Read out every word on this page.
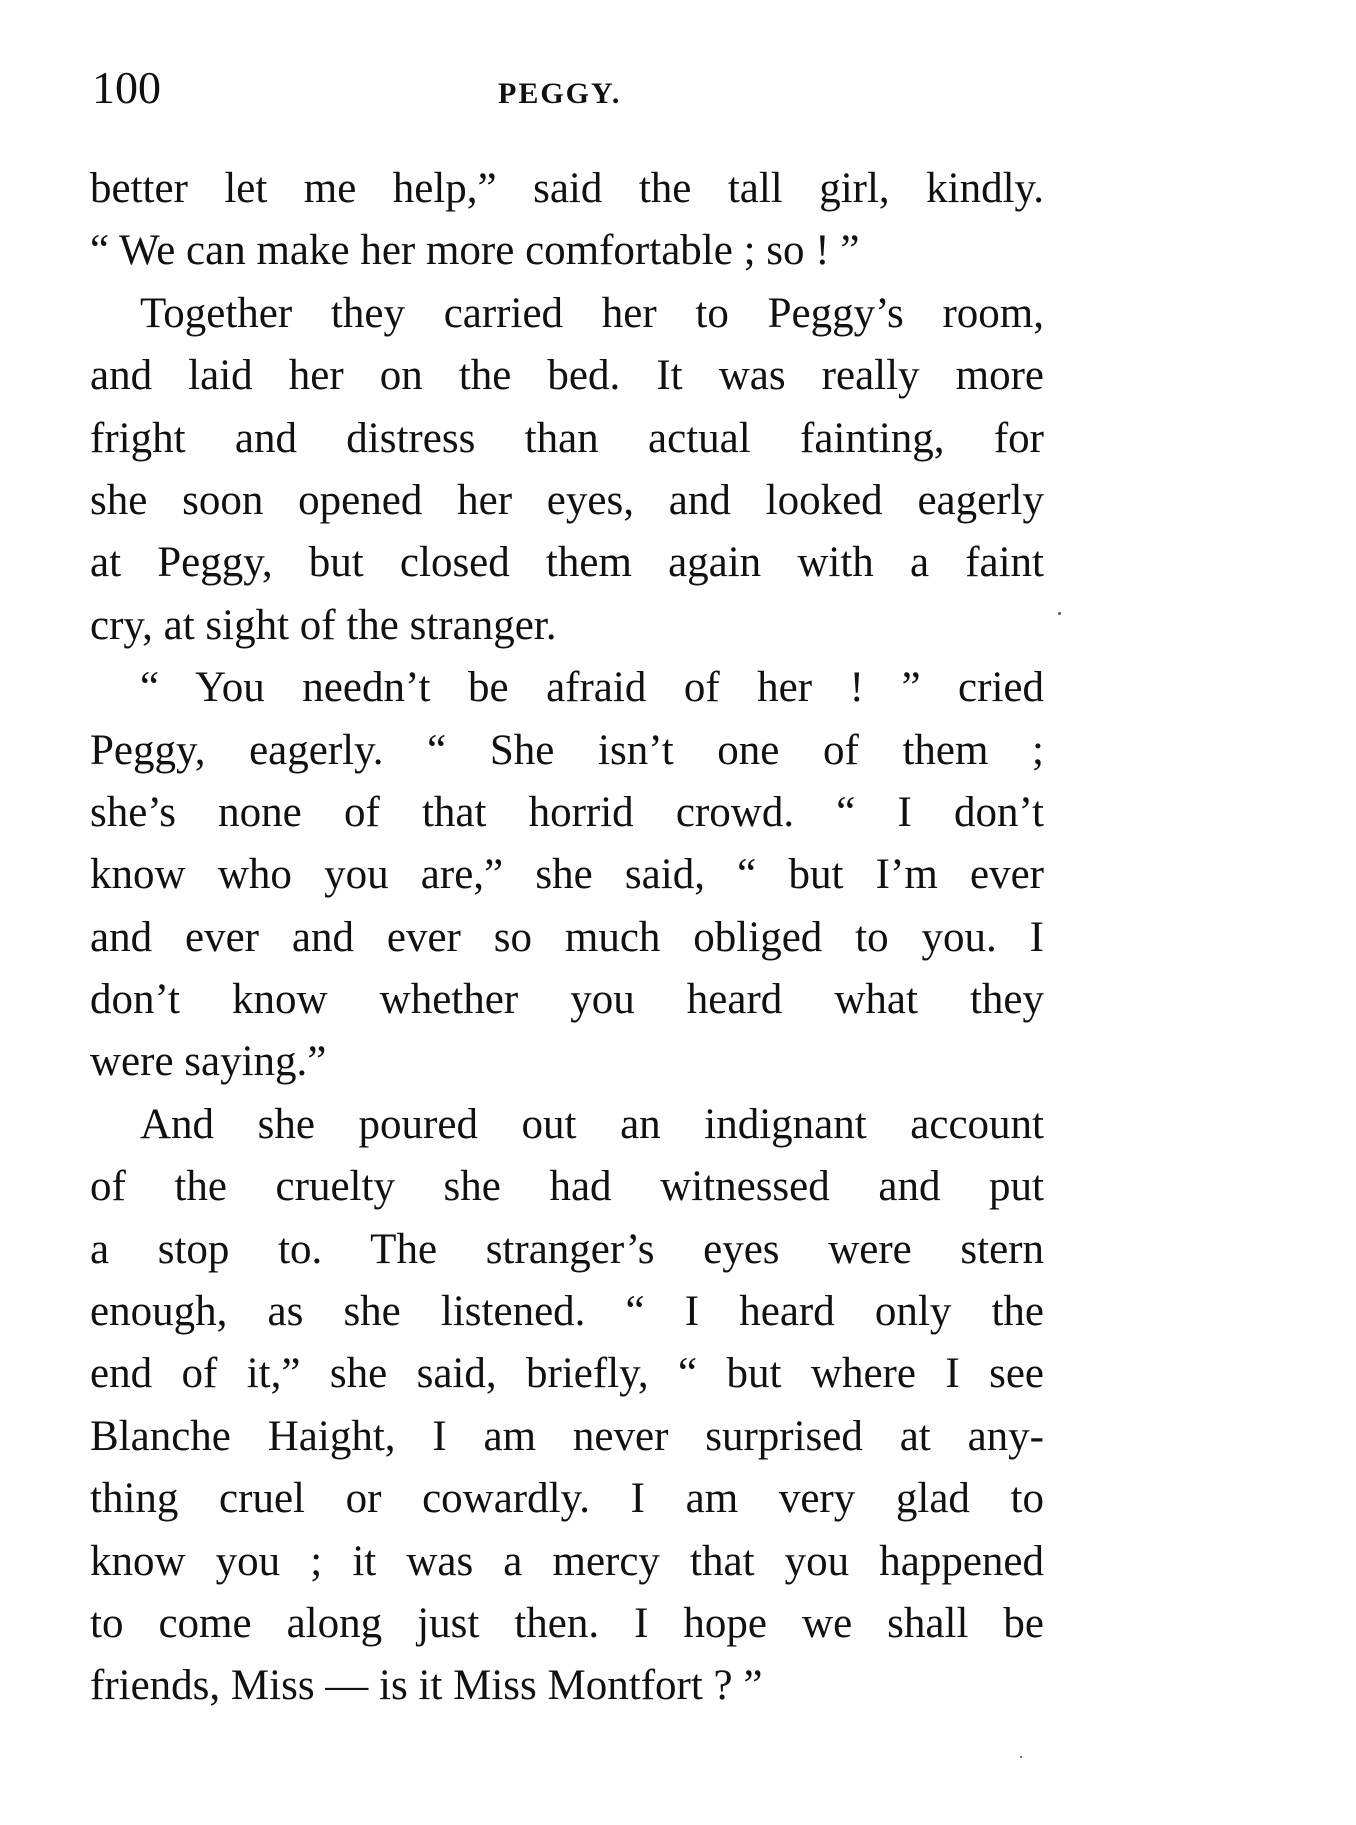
100	PEGGY.
better let me help,” said the tall girl, kindly.
“ We can make her more comfortable ; so ! ”
Together they carried her to Peggy’s room,
and laid her on the bed. It was really more
fright and distress than actual fainting, for
she soon opened her eyes, and looked eagerly
at Peggy, but closed them again with a faint
cry, at sight of the stranger.
“ You needn’t be afraid of her ! ” cried
Peggy, eagerly. “ She isn’t one of them ;
she’s none of that horrid crowd. “ I don’t
know who you are,” she said, “ but I’m ever
and ever and ever so much obliged to you. I
don’t know whether you heard what they
were saying.”
And she poured out an indignant account
of the cruelty she had witnessed and put
a stop to. The stranger’s eyes were stern
enough, as she listened. “ I heard only the
end of it,” she said, briefly, “ but where I see
Blanche Haight, I am never surprised at any-
thing cruel or cowardly. I am very glad to
know you ; it was a mercy that you happened
to come along just then. I hope we shall be
friends, Miss — is it Miss Montfort ? ”
